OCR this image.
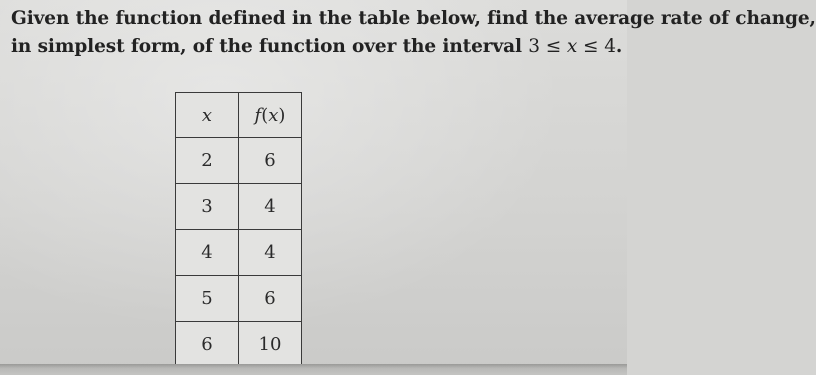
Given the function defined in the table below, find the average rate of change,
in simplest form, of the function over the interval 3 ≤ x ≤ 4.
x	f(x)
2	6
3	4
4	4
5	6
6	10
